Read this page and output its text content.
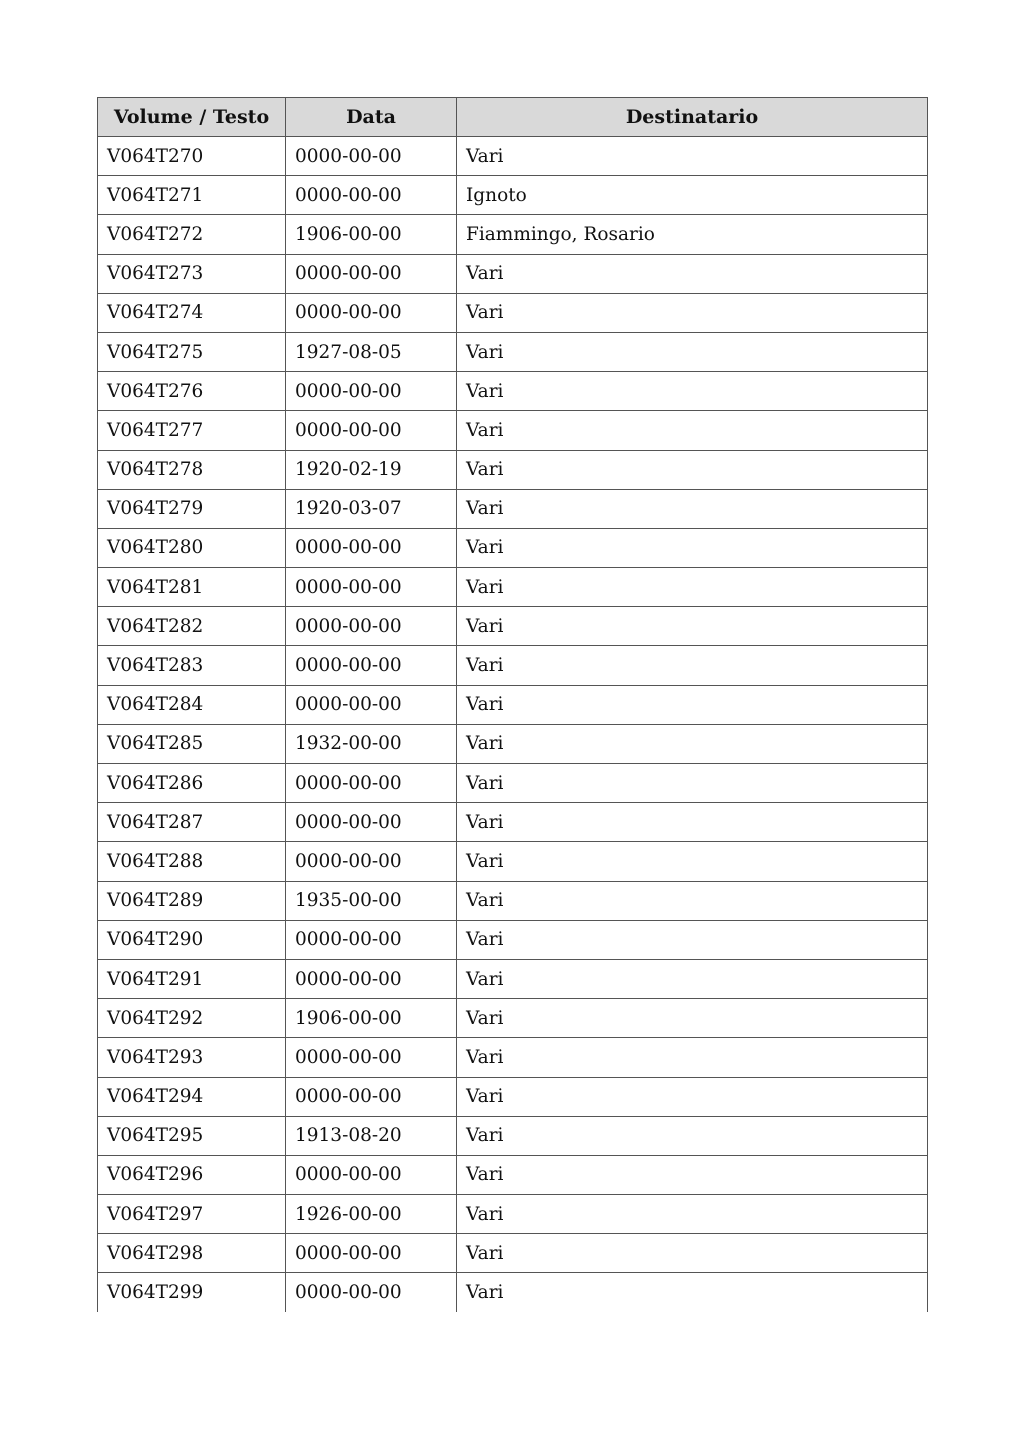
Volume / Testo	Data	Destinatario
V064T270	0000-00-00	Vari
V064T271	0000-00-00	Ignoto
V064T272	1906-00-00	Fiammingo, Rosario
V064T273	0000-00-00	Vari
V064T274	0000-00-00	Vari
V064T275	1927-08-05	Vari
V064T276	0000-00-00	Vari
V064T277	0000-00-00	Vari
V064T278	1920-02-19	Vari
V064T279	1920-03-07	Vari
V064T280	0000-00-00	Vari
V064T281	0000-00-00	Vari
V064T282	0000-00-00	Vari
V064T283	0000-00-00	Vari
V064T284	0000-00-00	Vari
V064T285	1932-00-00	Vari
V064T286	0000-00-00	Vari
V064T287	0000-00-00	Vari
V064T288	0000-00-00	Vari
V064T289	1935-00-00	Vari
V064T290	0000-00-00	Vari
V064T291	0000-00-00	Vari
V064T292	1906-00-00	Vari
V064T293	0000-00-00	Vari
V064T294	0000-00-00	Vari
V064T295	1913-08-20	Vari
V064T296	0000-00-00	Vari
V064T297	1926-00-00	Vari
V064T298	0000-00-00	Vari
V064T299	0000-00-00	Vari
